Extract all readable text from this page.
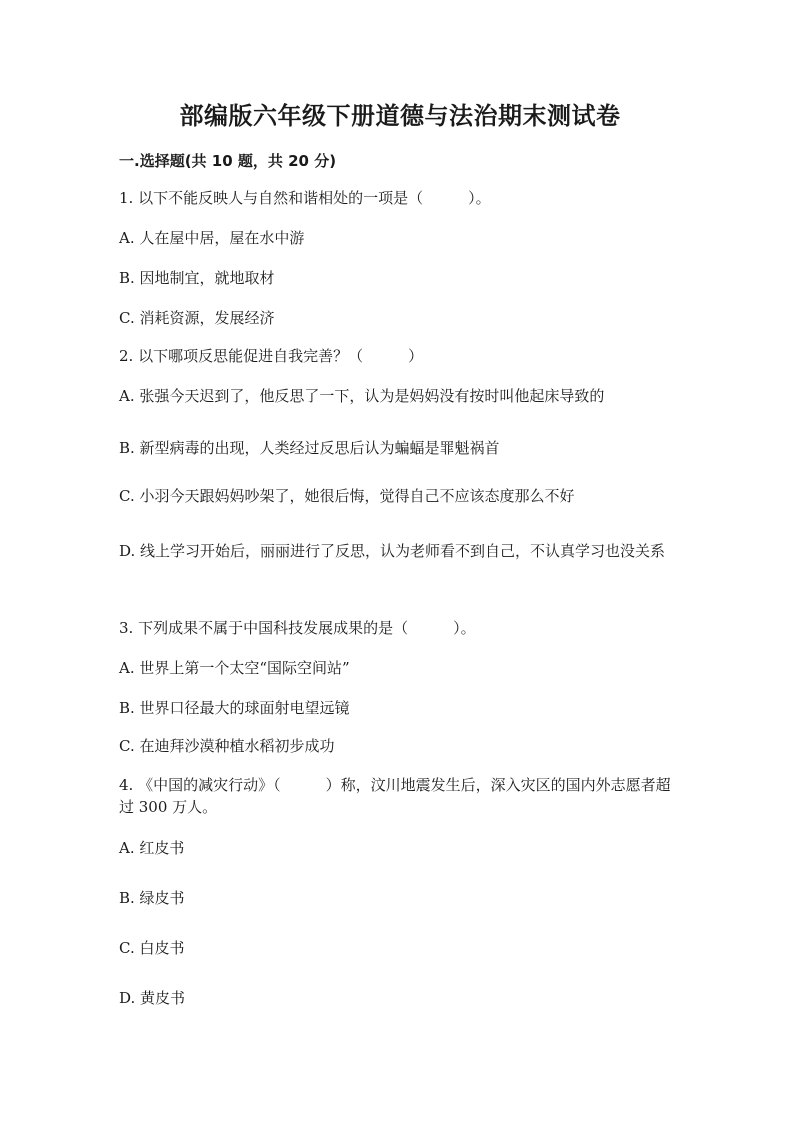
部编版六年级下册道德与法治期末测试卷
一.选择题(共 10 题，共 20 分)
1. 以下不能反映人与自然和谐相处的一项是（　　　）。
A. 人在屋中居，屋在水中游
B. 因地制宜，就地取材
C. 消耗资源，发展经济
2. 以下哪项反思能促进自我完善？（　　　）
A. 张强今天迟到了，他反思了一下，认为是妈妈没有按时叫他起床导致的
B. 新型病毒的出现，人类经过反思后认为蝙蝠是罪魁祸首
C. 小羽今天跟妈妈吵架了，她很后悔，觉得自己不应该态度那么不好
D. 线上学习开始后，丽丽进行了反思，认为老师看不到自己，不认真学习也没关系
3. 下列成果不属于中国科技发展成果的是（　　　）。
A. 世界上第一个太空“国际空间站”
B. 世界口径最大的球面射电望远镜
C. 在迪拜沙漠种植水稻初步成功
4. 《中国的减灾行动》（　　　）称，汶川地震发生后，深入灾区的国内外志愿者超过 300 万人。
A. 红皮书
B. 绿皮书
C. 白皮书
D. 黄皮书
